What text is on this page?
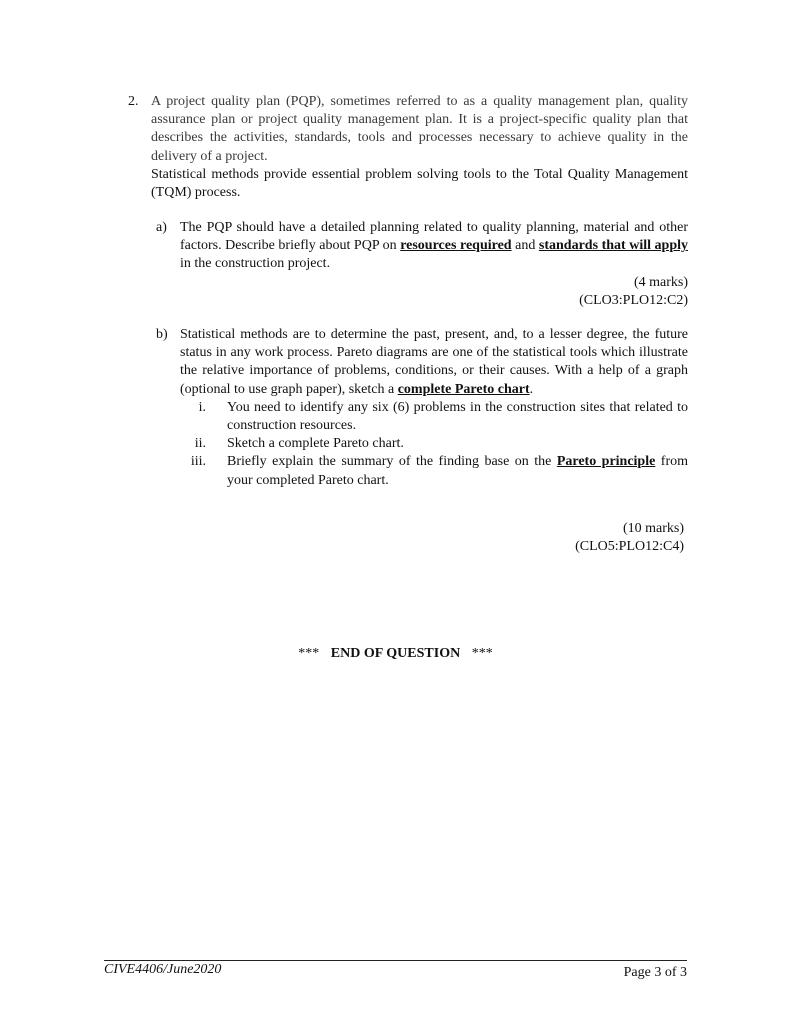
2. A project quality plan (PQP), sometimes referred to as a quality management plan, quality assurance plan or project quality management plan. It is a project-specific quality plan that describes the activities, standards, tools and processes necessary to achieve quality in the delivery of a project.

Statistical methods provide essential problem solving tools to the Total Quality Management (TQM) process.

a) The PQP should have a detailed planning related to quality planning, material and other factors. Describe briefly about PQP on resources required and standards that will apply in the construction project.

(4 marks)

(CLO3:PLO12:C2)

b) Statistical methods are to determine the past, present, and, to a lesser degree, the future status in any work process. Pareto diagrams are one of the statistical tools which illustrate the relative importance of problems, conditions, or their causes. With a help of a graph (optional to use graph paper), sketch a complete Pareto chart.

i. You need to identify any six (6) problems in the construction sites that related to construction resources.
ii. Sketch a complete Pareto chart.
iii. Briefly explain the summary of the finding base on the Pareto principle from your completed Pareto chart.
(10 marks)
(CLO5:PLO12:C4)
*** END OF QUESTION ***
CIVE4406/June2020	Page 3 of 3
